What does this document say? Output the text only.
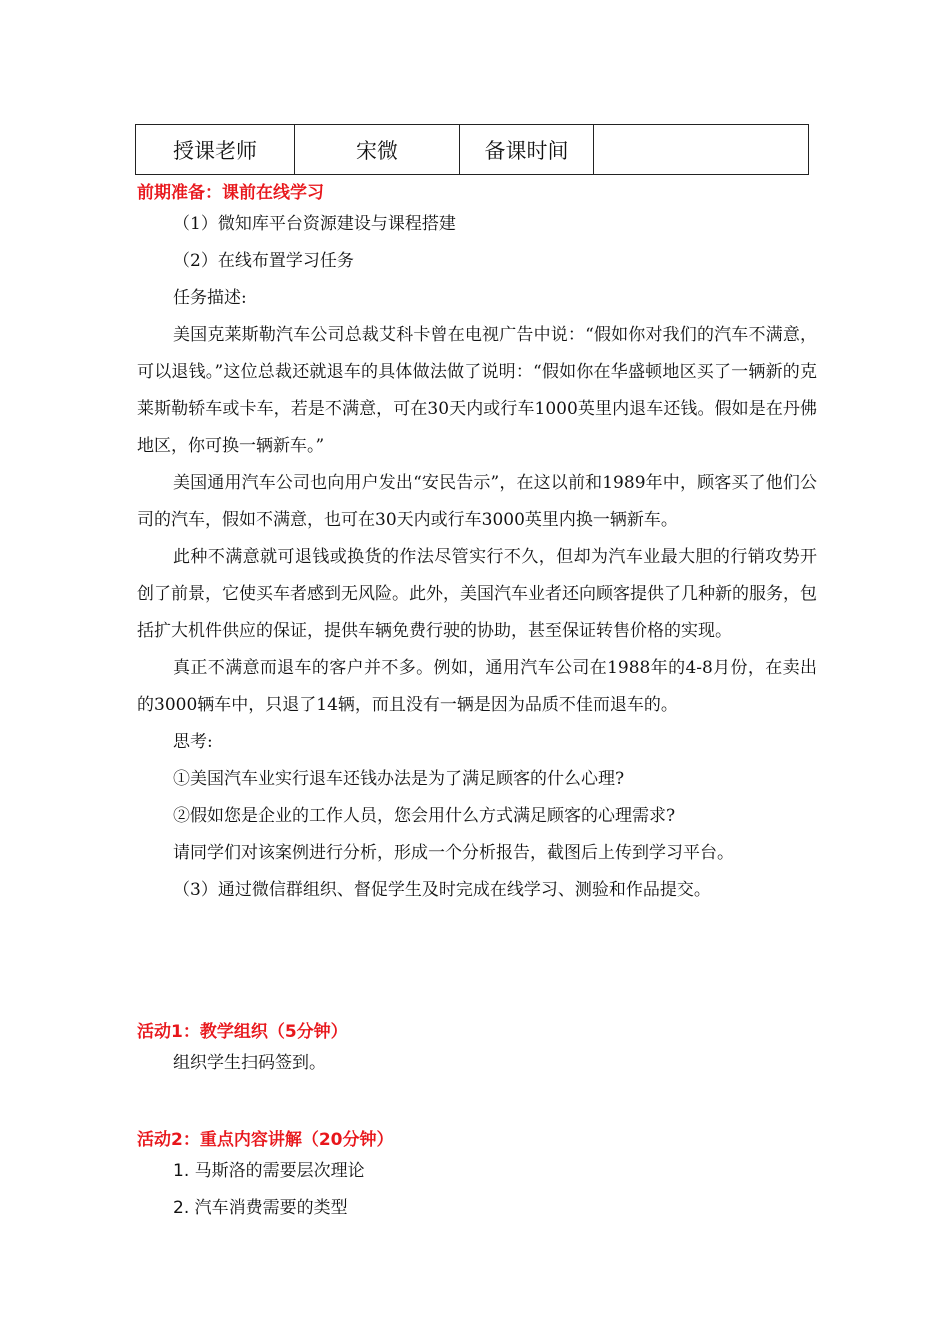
授课老师	宋微	备课时间	
前期准备：课前在线学习

（1）微知库平台资源建设与课程搭建

（2）在线布置学习任务

任务描述:

美国克莱斯勒汽车公司总裁艾科卡曾在电视广告中说：“假如你对我们的汽车不满意，可以退钱。”这位总裁还就退车的具体做法做了说明：“假如你在华盛顿地区买了一辆新的克莱斯勒轿车或卡车，若是不满意，可在30天内或行车1000英里内退车还钱。假如是在丹佛地区，你可换一辆新车。”

美国通用汽车公司也向用户发出“安民告示”，在这以前和1989年中，顾客买了他们公司的汽车，假如不满意，也可在30天内或行车3000英里内换一辆新车。

此种不满意就可退钱或换货的作法尽管实行不久，但却为汽车业最大胆的行销攻势开创了前景，它使买车者感到无风险。此外，美国汽车业者还向顾客提供了几种新的服务，包括扩大机件供应的保证，提供车辆免费行驶的协助，甚至保证转售价格的实现。

真正不满意而退车的客户并不多。例如，通用汽车公司在1988年的4-8月份，在卖出的3000辆车中，只退了14辆，而且没有一辆是因为品质不佳而退车的。

思考:

①美国汽车业实行退车还钱办法是为了满足顾客的什么心理?

②假如您是企业的工作人员，您会用什么方式满足顾客的心理需求?

请同学们对该案例进行分析，形成一个分析报告，截图后上传到学习平台。

（3）通过微信群组织、督促学生及时完成在线学习、测验和作品提交。

活动1：教学组织（5分钟）

组织学生扫码签到。

活动2：重点内容讲解（20分钟）

1. 马斯洛的需要层次理论

2. 汽车消费需要的类型
